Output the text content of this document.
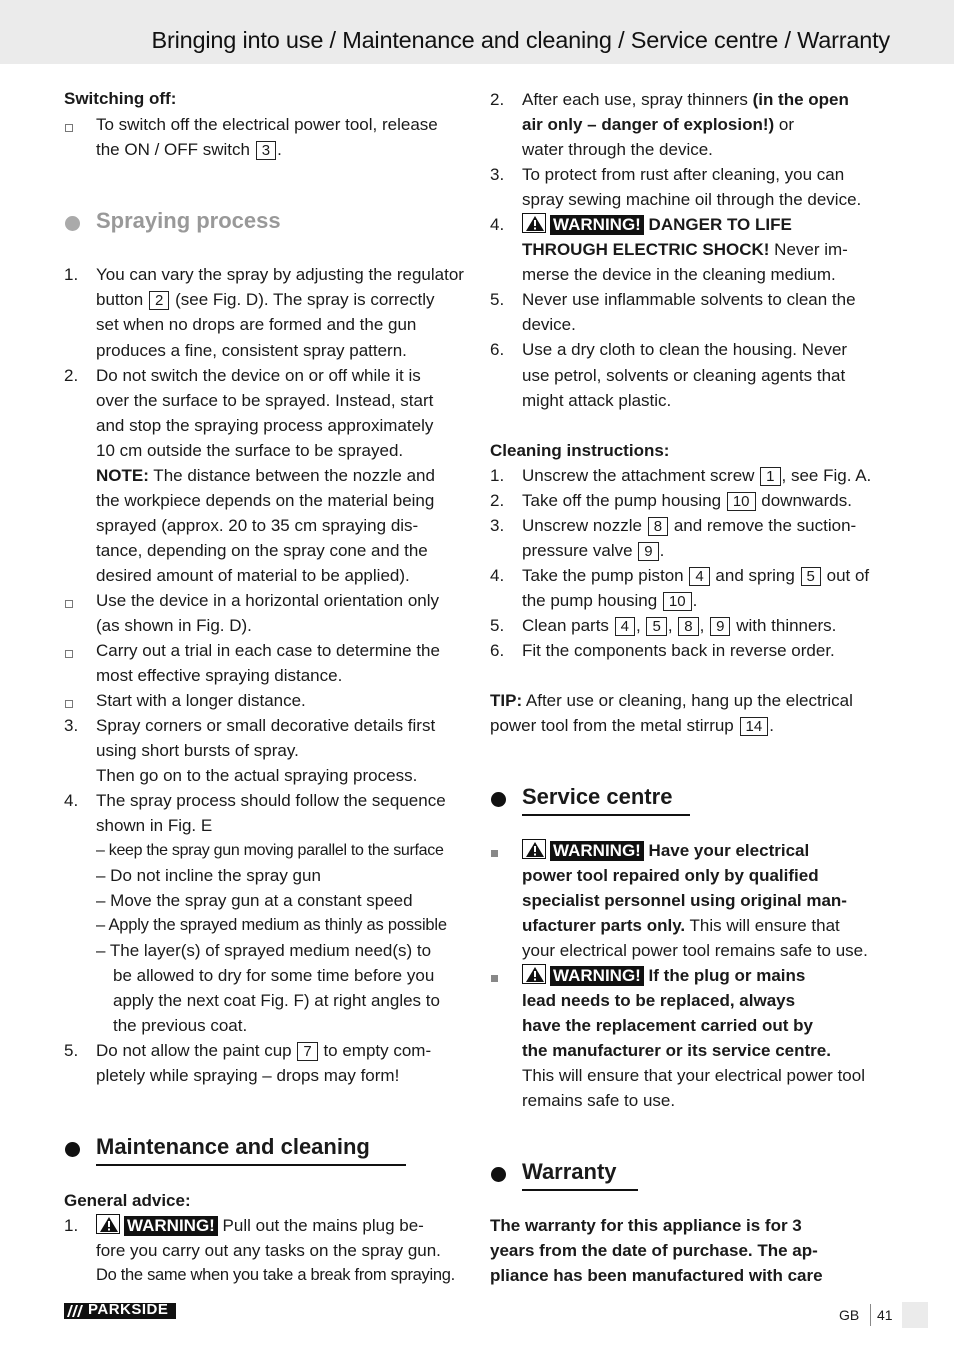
Bringing into use / Maintenance and cleaning / Service centre / Warranty
Switching off:
To switch off the electrical power tool, release
the ON / OFF switch 3 .
Spraying process
1. You can vary the spray by adjusting the regulator
button 2 (see Fig. D). The spray is correctly
set when no drops are formed and the gun
produces a fine, consistent spray pattern.
2. Do not switch the device on or off while it is
over the surface to be sprayed. Instead, start
and stop the spraying process approximately
10 cm outside the surface to be sprayed.
NOTE: The distance between the nozzle and
the workpiece depends on the material being
sprayed (approx. 20 to 35 cm spraying dis-
tance, depending on the spray cone and the
desired amount of material to be applied).
Use the device in a horizontal orientation only
(as shown in Fig. D).
Carry out a trial in each case to determine the
most effective spraying distance.
Start with a longer distance.
3. Spray corners or small decorative details first
using short bursts of spray.
Then go on to the actual spraying process.
4. The spray process should follow the sequence
shown in Fig. E
– keep the spray gun moving parallel to the surface
– Do not incline the spray gun
– Move the spray gun at a constant speed
– Apply the sprayed medium as thinly as possible
– The layer(s) of sprayed medium need(s) to
be allowed to dry for some time before you
apply the next coat Fig. F) at right angles to
the previous coat.
5. Do not allow the paint cup 7 to empty com-
pletely while spraying – drops may form!
Maintenance and cleaning
General advice:
1.	WARNING! Pull out the mains plug be-
fore you carry out any tasks on the spray gun.
Do the same when you take a break from spraying.
2. After each use, spray thinners (in the open
air only – danger of explosion!) or
water through the device.
3. To protect from rust after cleaning, you can
spray sewing machine oil through the device.
4.	WARNING! DANGER TO LIFE
THROUGH ELECTRIC SHOCK! Never im-
merse the device in the cleaning medium.
5. Never use inflammable solvents to clean the
device.
6. Use a dry cloth to clean the housing. Never
use petrol, solvents or cleaning agents that
might attack plastic.
Cleaning instructions:
1. Unscrew the attachment screw 1 , see Fig. A.
2. Take off the pump housing 10 downwards.
3. Unscrew nozzle 8 and remove the suction-
pressure valve 9 .
4. Take the pump piston 4 and spring 5 out of
the pump housing 10 .
5. Clean parts 4 , 5 , 8 , 9 with thinners.
6. Fit the components back in reverse order.
TIP: After use or cleaning, hang up the electrical
power tool from the metal stirrup 14 .
Service centre
WARNING! Have your electrical
power tool repaired only by qualified
specialist personnel using original man-
ufacturer parts only. This will ensure that
your electrical power tool remains safe to use.
WARNING! If the plug or mains
lead needs to be replaced, always
have the replacement carried out by
the manufacturer or its service centre.
This will ensure that your electrical power tool
remains safe to use.
Warranty
The warranty for this appliance is for 3
years from the date of purchase. The ap-
pliance has been manufactured with care
PARKSIDE	GB 41
